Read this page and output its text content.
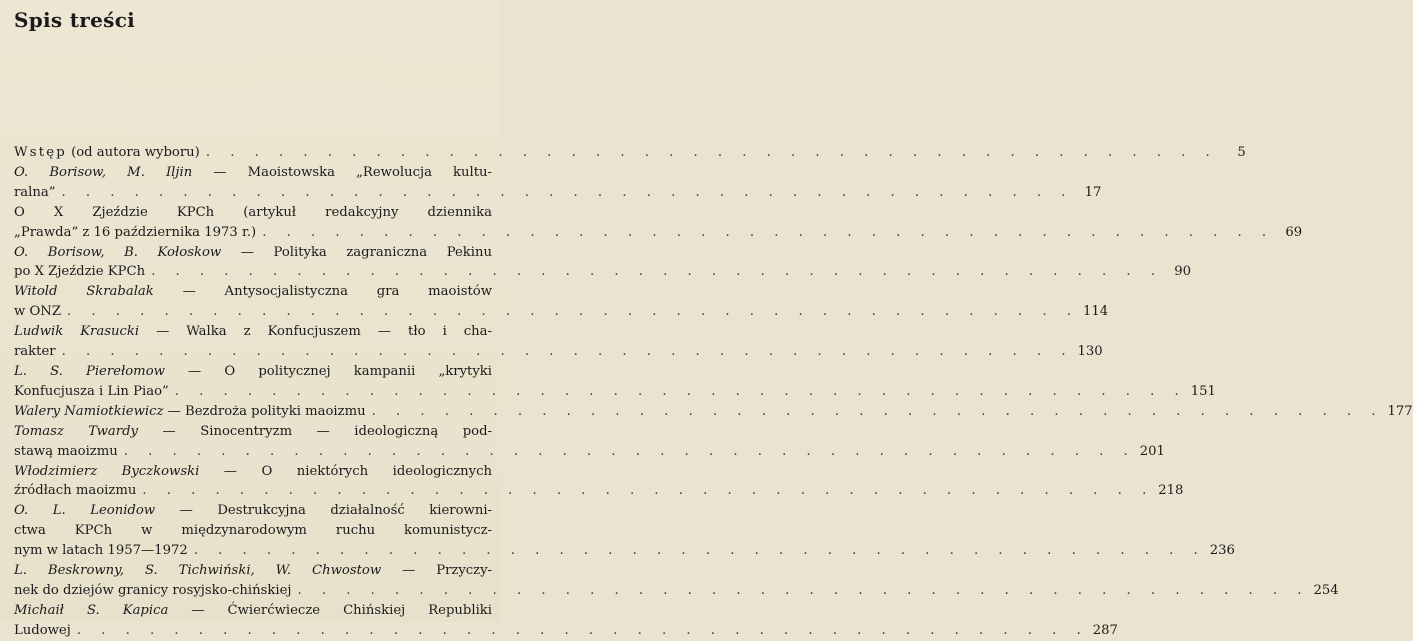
Spis treści
Wstęp (od autora wyboru) . . . . . . . . . . . . . . . . . . . . . . . . . . . . . . . . . . . . . . . . . .	5
O. Borisow, M. Iljin — Maoistowska „Rewolucja kultu-
ralna” . . . . . . . . . . . . . . . . . . . . . . . . . . . . . . . . . . . . . . . . . . 17
O X Zjeździe KPCh (artykuł redakcyjny dziennika
„Prawda” z 16 października 1973 r.) . . . . . . . . . . . . . . . . . . . . . . . . . . . . . . . . . . . . . . . . . . 69
O. Borisow, B. Kołoskow — Polityka zagraniczna Pekinu
po X Zjeździe KPCh . . . . . . . . . . . . . . . . . . . . . . . . . . . . . . . . . . . . . . . . . . 90
Witold Skrabalak — Antysocjalistyczna gra maoistów
w ONZ . . . . . . . . . . . . . . . . . . . . . . . . . . . . . . . . . . . . . . . . . . 114
Ludwik Krasucki — Walka z Konfucjuszem — tło i cha-
rakter . . . . . . . . . . . . . . . . . . . . . . . . . . . . . . . . . . . . . . . . . . 130
L. S. Pierełomow — O politycznej kampanii „krytyki
Konfucjusza i Lin Piao” . . . . . . . . . . . . . . . . . . . . . . . . . . . . . . . . . . . . . . . . . . 151
Walery Namiotkiewicz — Bezdroża polityki maoizmu . . . . . . . . . . . . . . . . . . . . . . . . . . . . . . . . . . . . . . . . . . 177
Tomasz Twardy — Sinocentryzm — ideologiczną pod-
stawą maoizmu . . . . . . . . . . . . . . . . . . . . . . . . . . . . . . . . . . . . . . . . . . 201
Włodzimierz Byczkowski — O niektórych ideologicznych
źródłach maoizmu . . . . . . . . . . . . . . . . . . . . . . . . . . . . . . . . . . . . . . . . . . 218
O. L. Leonidow — Destrukcyjna działalność kierowni-
ctwa KPCh w międzynarodowym ruchu komunistycz-
nym w latach 1957—1972 . . . . . . . . . . . . . . . . . . . . . . . . . . . . . . . . . . . . . . . . . . 236
L. Beskrowny, S. Tichwiński, W. Chwostow — Przyczy-
nek do dziejów granicy rosyjsko-chińskiej . . . . . . . . . . . . . . . . . . . . . . . . . . . . . . . . . . . . . . . . . . 254
Michaił S. Kapica — Ćwierćwiecze Chińskiej Republiki
Ludowej . . . . . . . . . . . . . . . . . . . . . . . . . . . . . . . . . . . . . . . . . . 287
